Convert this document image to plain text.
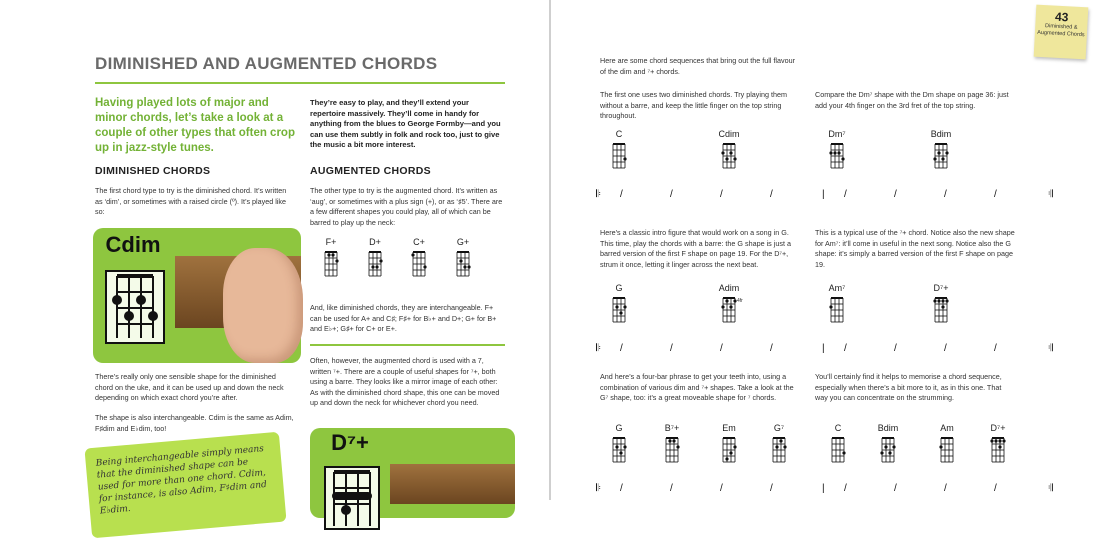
DIMINISHED AND AUGMENTED CHORDS
Having played lots of major and minor chords, let’s take a look at a couple of other types that often crop up in jazz-style tunes.
They’re easy to play, and they’ll extend your repertoire massively. They’ll come in handy for anything from the blues to George Formby—and you can use them subtly in folk and rock too, just to give the music a bit more interest.
DIMINISHED CHORDS
The first chord type to try is the diminished chord. It’s written as ‘dim’, or sometimes with a raised circle (º). It’s played like so:
Cdim
There’s really only one sensible shape for the diminished chord on the uke, and it can be used up and down the neck depending on which exact chord you’re after.
The shape is also interchangeable. Cdim is the same as Adim, F♯dim and E♭dim, too!
Being interchangeable simply means that the diminished shape can be used for more than one chord. Cdim, for instance, is also Adim, F♯dim and E♭dim.
AUGMENTED CHORDS
The other type to try is the augmented chord. It’s written as ‘aug’, or sometimes with a plus sign (+), or as ‘♯5’. There are a few different shapes you could play, all of which can be barred to play up the neck:
F+	D+	C+	G+
And, like diminished chords, they are interchangeable. F+ can be used for A+ and C♯; F♯+ for B♭+ and D+; G+ for B+ and E♭+; G♯+ for C+ or E+.
Often, however, the augmented chord is used with a 7, written ⁷+. There are a couple of useful shapes for ⁷+, both using a barre. They looks like a mirror image of each other: As with the diminished chord shape, this one can be moved up and down the neck for whichever chord you need.
D⁷+
43
Diminished & Augmented Chords
Here are some chord sequences that bring out the full flavour of the dim and ⁷+ chords.
The first one uses two diminished chords. Try playing them without a barre, and keep the little finger on the top string throughout.
Compare the Dm⁷ shape with the Dm shape on page 36: just add your 4th finger on the 3rd fret of the top string.
Here’s a classic intro figure that would work on a song in G. This time, play the chords with a barre: the G shape is just a barred version of the first F shape on page 19. For the D⁷+, strum it once, letting it linger across the next beat.
This is a typical use of the ⁷+ chord. Notice also the new shape for Am⁷: it’ll come in useful in the next song. Notice also the G shape: it’s simply a barred version of the first F shape on page 19.
And here’s a four-bar phrase to get your teeth into, using a combination of various dim and ⁷+ shapes. Take a look at the G⁷ shape, too: it’s a great moveable shape for ⁷ chords.
You’ll certainly find it helps to memorise a chord sequence, especially when there’s a bit more to it, as in this one. That way you can concentrate on the strumming.
C	Cdim	Dm⁷	Bdim
G	Adim	Am⁷	D⁷+
4fr
G	B⁷+	Em	G⁷	C	Bdim	Am	D⁷+
𝄆 /	/	/	/	/	/	/	/
|	𝄇
𝄆 /	/	/	/	/	/	/	/
|	𝄇
𝄆 /	/	/	/	/	/	/	/
|	𝄇
